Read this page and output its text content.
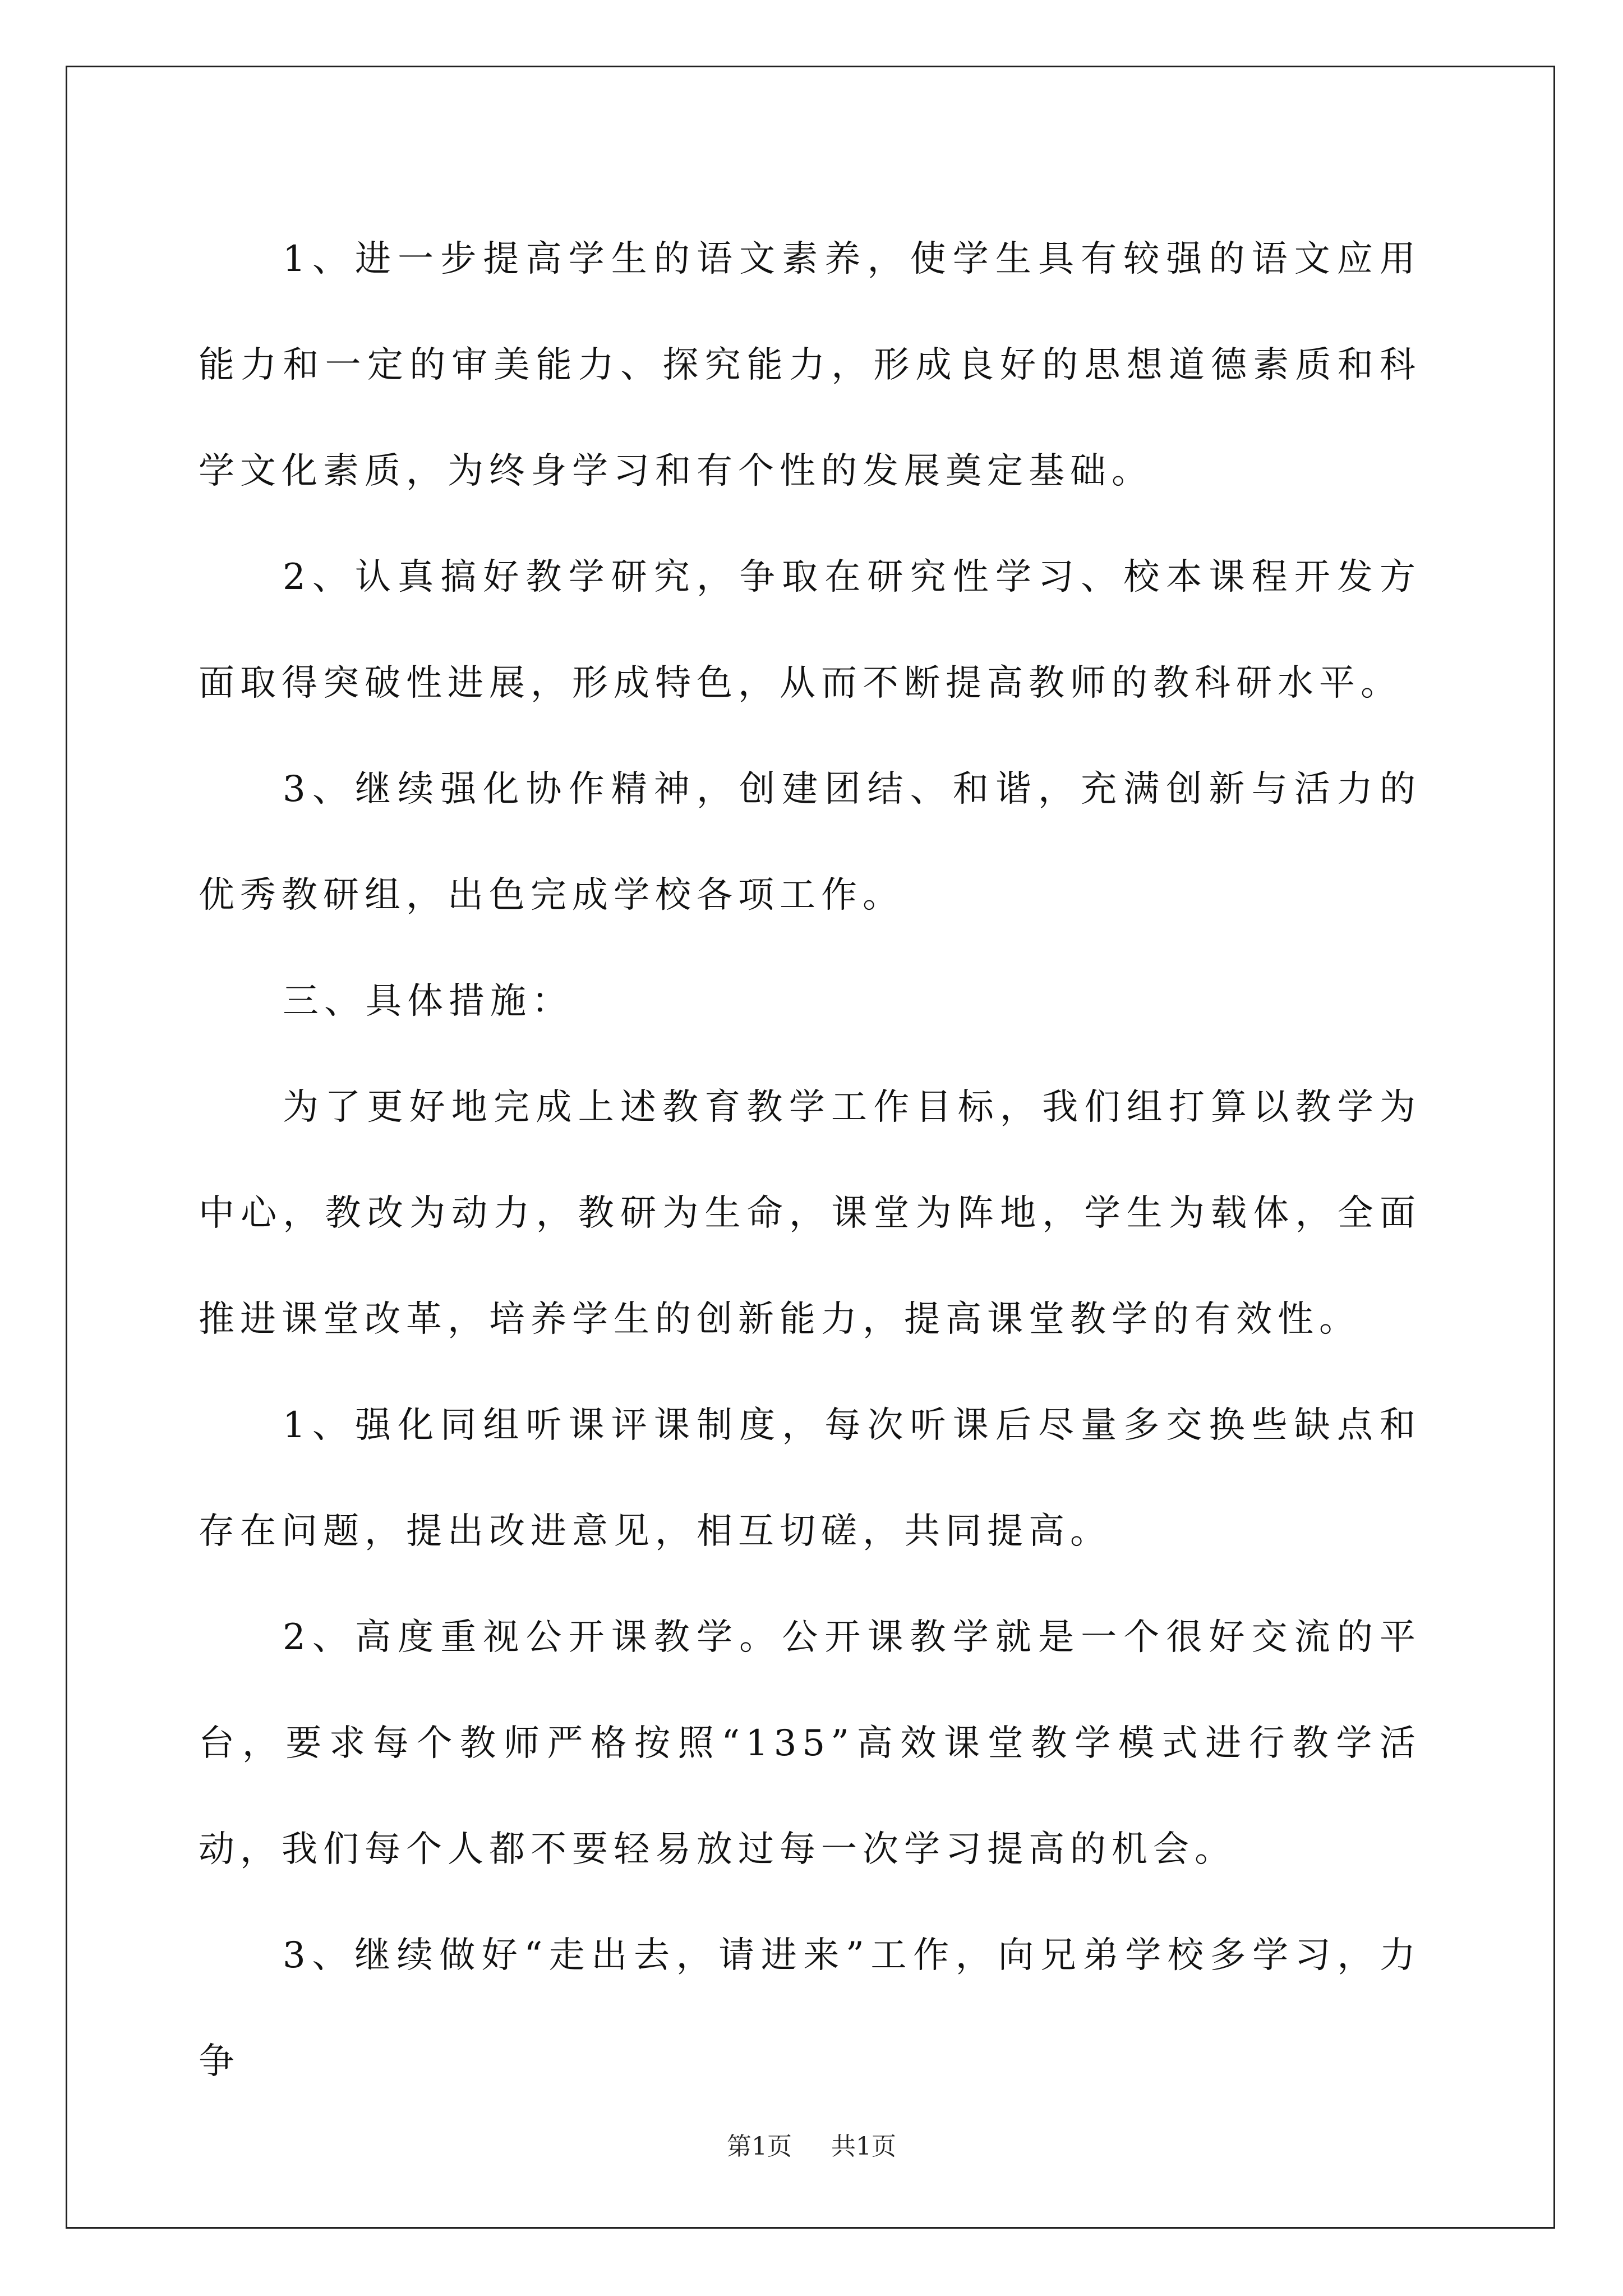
1、进一步提高学生的语文素养，使学生具有较强的语文应用能力和一定的审美能力、探究能力，形成良好的思想道德素质和科学文化素质，为终身学习和有个性的发展奠定基础。

2、认真搞好教学研究，争取在研究性学习、校本课程开发方面取得突破性进展，形成特色，从而不断提高教师的教科研水平。

3、继续强化协作精神，创建团结、和谐，充满创新与活力的优秀教研组，出色完成学校各项工作。

三、具体措施：

为了更好地完成上述教育教学工作目标，我们组打算以教学为中心，教改为动力，教研为生命，课堂为阵地，学生为载体，全面推进课堂改革，培养学生的创新能力，提高课堂教学的有效性。

1、强化同组听课评课制度，每次听课后尽量多交换些缺点和存在问题，提出改进意见，相互切磋，共同提高。

2、高度重视公开课教学。公开课教学就是一个很好交流的平台，要求每个教师严格按照“135”高效课堂教学模式进行教学活动，我们每个人都不要轻易放过每一次学习提高的机会。

3、继续做好“走出去，请进来”工作，向兄弟学校多学习，力争

第1页 共1页
